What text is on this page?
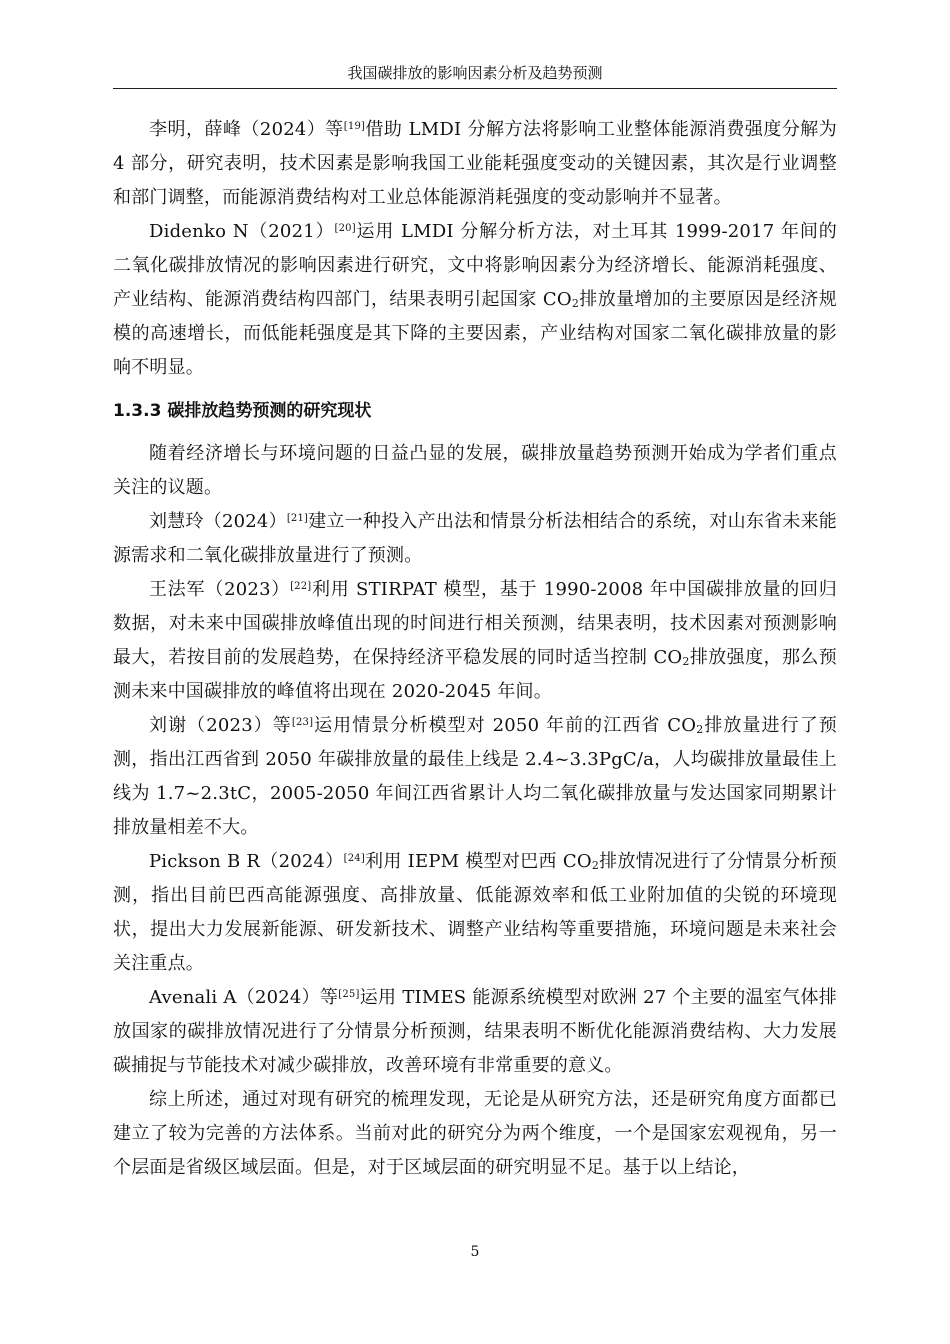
我国碳排放的影响因素分析及趋势预测

李明，薛峰（2024）等[19]借助 LMDI 分解方法将影响工业整体能源消费强度分解为 4 部分，研究表明，技术因素是影响我国工业能耗强度变动的关键因素，其次是行业调整和部门调整，而能源消费结构对工业总体能源消耗强度的变动影响并不显著。

Didenko N（2021）[20]运用 LMDI 分解分析方法，对土耳其 1999-2017 年间的二氧化碳排放情况的影响因素进行研究，文中将影响因素分为经济增长、能源消耗强度、产业结构、能源消费结构四部门，结果表明引起国家 $CO_2$排放量增加的主要原因是经济规模的高速增长，而低能耗强度是其下降的主要因素，产业结构对国家二氧化碳排放量的影响不明显。

1.3.3 碳排放趋势预测的研究现状

随着经济增长与环境问题的日益凸显的发展，碳排放量趋势预测开始成为学者们重点关注的议题。

刘慧玲（2024）[21]建立一种投入产出法和情景分析法相结合的系统，对山东省未来能源需求和二氧化碳排放量进行了预测。

王法军（2023）[22]利用 STIRPAT 模型，基于 1990-2008 年中国碳排放量的回归数据，对未来中国碳排放峰值出现的时间进行相关预测，结果表明，技术因素对预测影响最大，若按目前的发展趋势，在保持经济平稳发展的同时适当控制 $CO_2$排放强度，那么预测未来中国碳排放的峰值将出现在 2020-2045 年间。

刘谢（2023）等[23]运用情景分析模型对 2050 年前的江西省 $CO_2$排放量进行了预测，指出江西省到 2050 年碳排放量的最佳上线是 2.4~3.3PgC/a，人均碳排放量最佳上线为 1.7~2.3tC，2005-2050 年间江西省累计人均二氧化碳排放量与发达国家同期累计排放量相差不大。

Pickson B R（2024）[24]利用 IEPM 模型对巴西 $CO_2$排放情况进行了分情景分析预测，指出目前巴西高能源强度、高排放量、低能源效率和低工业附加值的尖锐的环境现状，提出大力发展新能源、研发新技术、调整产业结构等重要措施，环境问题是未来社会关注重点。

Avenali A（2024）等[25]运用 TIMES 能源系统模型对欧洲 27 个主要的温室气体排放国家的碳排放情况进行了分情景分析预测，结果表明不断优化能源消费结构、大力发展碳捕捉与节能技术对减少碳排放，改善环境有非常重要的意义。

综上所述，通过对现有研究的梳理发现，无论是从研究方法，还是研究角度方面都已建立了较为完善的方法体系。当前对此的研究分为两个维度，一个是国家宏观视角，另一个层面是省级区域层面。但是，对于区域层面的研究明显不足。基于以上结论，

5
